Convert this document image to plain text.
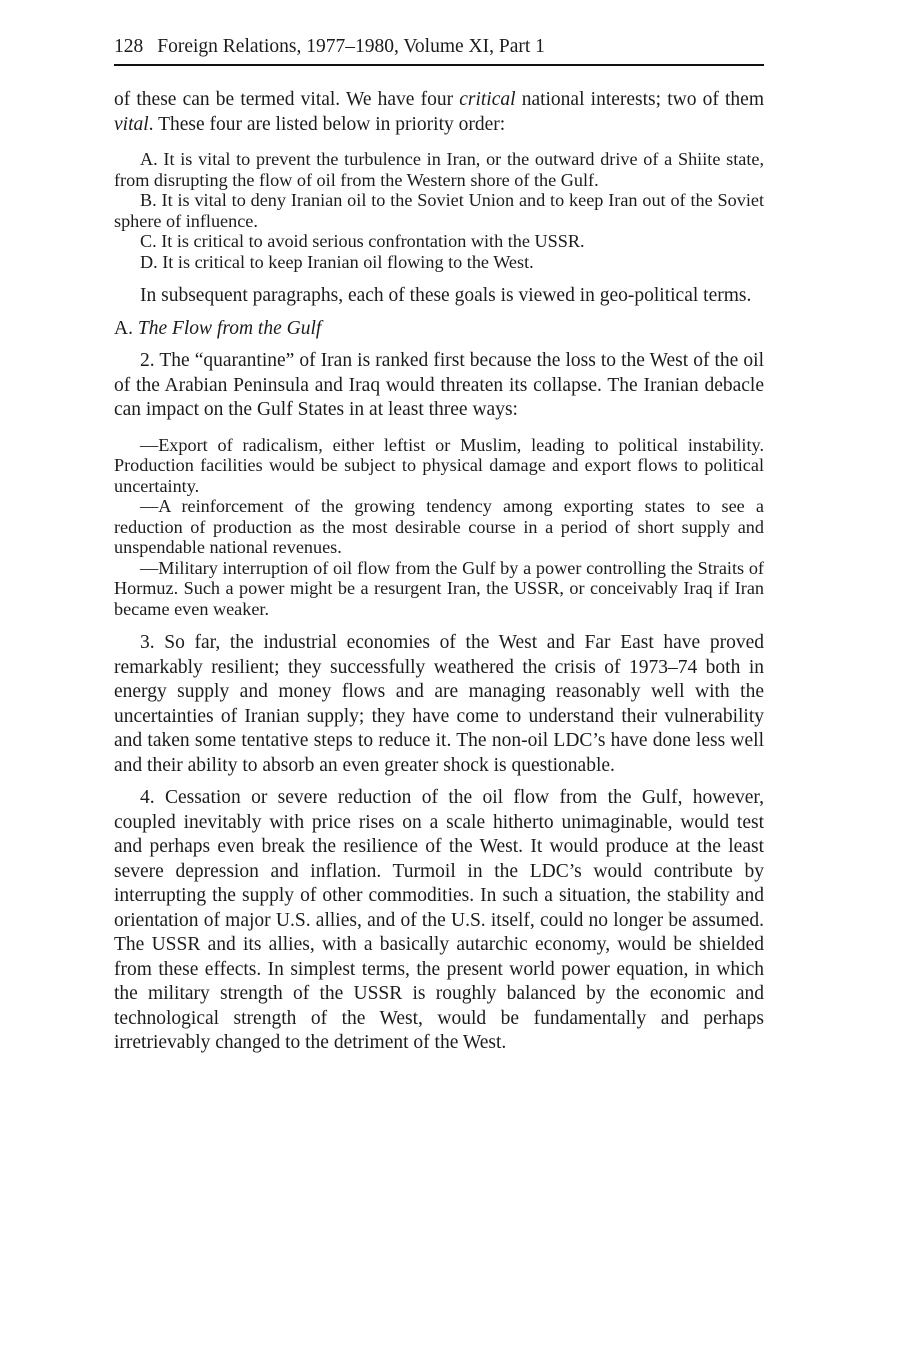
128 Foreign Relations, 1977–1980, Volume XI, Part 1

of these can be termed vital. We have four critical national interests; two of them vital. These four are listed below in priority order:

A. It is vital to prevent the turbulence in Iran, or the outward drive of a Shiite state, from disrupting the flow of oil from the Western shore of the Gulf.

B. It is vital to deny Iranian oil to the Soviet Union and to keep Iran out of the Soviet sphere of influence.

C. It is critical to avoid serious confrontation with the USSR.

D. It is critical to keep Iranian oil flowing to the West.

In subsequent paragraphs, each of these goals is viewed in geo-political terms.

A. The Flow from the Gulf

2. The “quarantine” of Iran is ranked first because the loss to the West of the oil of the Arabian Peninsula and Iraq would threaten its collapse. The Iranian debacle can impact on the Gulf States in at least three ways:

—Export of radicalism, either leftist or Muslim, leading to political instability. Production facilities would be subject to physical damage and export flows to political uncertainty.

—A reinforcement of the growing tendency among exporting states to see a reduction of production as the most desirable course in a period of short supply and unspendable national revenues.

—Military interruption of oil flow from the Gulf by a power controlling the Straits of Hormuz. Such a power might be a resurgent Iran, the USSR, or conceivably Iraq if Iran became even weaker.

3. So far, the industrial economies of the West and Far East have proved remarkably resilient; they successfully weathered the crisis of 1973–74 both in energy supply and money flows and are managing reasonably well with the uncertainties of Iranian supply; they have come to understand their vulnerability and taken some tentative steps to reduce it. The non-oil LDC’s have done less well and their ability to absorb an even greater shock is questionable.

4. Cessation or severe reduction of the oil flow from the Gulf, however, coupled inevitably with price rises on a scale hitherto unimaginable, would test and perhaps even break the resilience of the West. It would produce at the least severe depression and inflation. Turmoil in the LDC’s would contribute by interrupting the supply of other commodities. In such a situation, the stability and orientation of major U.S. allies, and of the U.S. itself, could no longer be assumed. The USSR and its allies, with a basically autarchic economy, would be shielded from these effects. In simplest terms, the present world power equation, in which the military strength of the USSR is roughly balanced by the economic and technological strength of the West, would be fundamentally and perhaps irretrievably changed to the detriment of the West.
